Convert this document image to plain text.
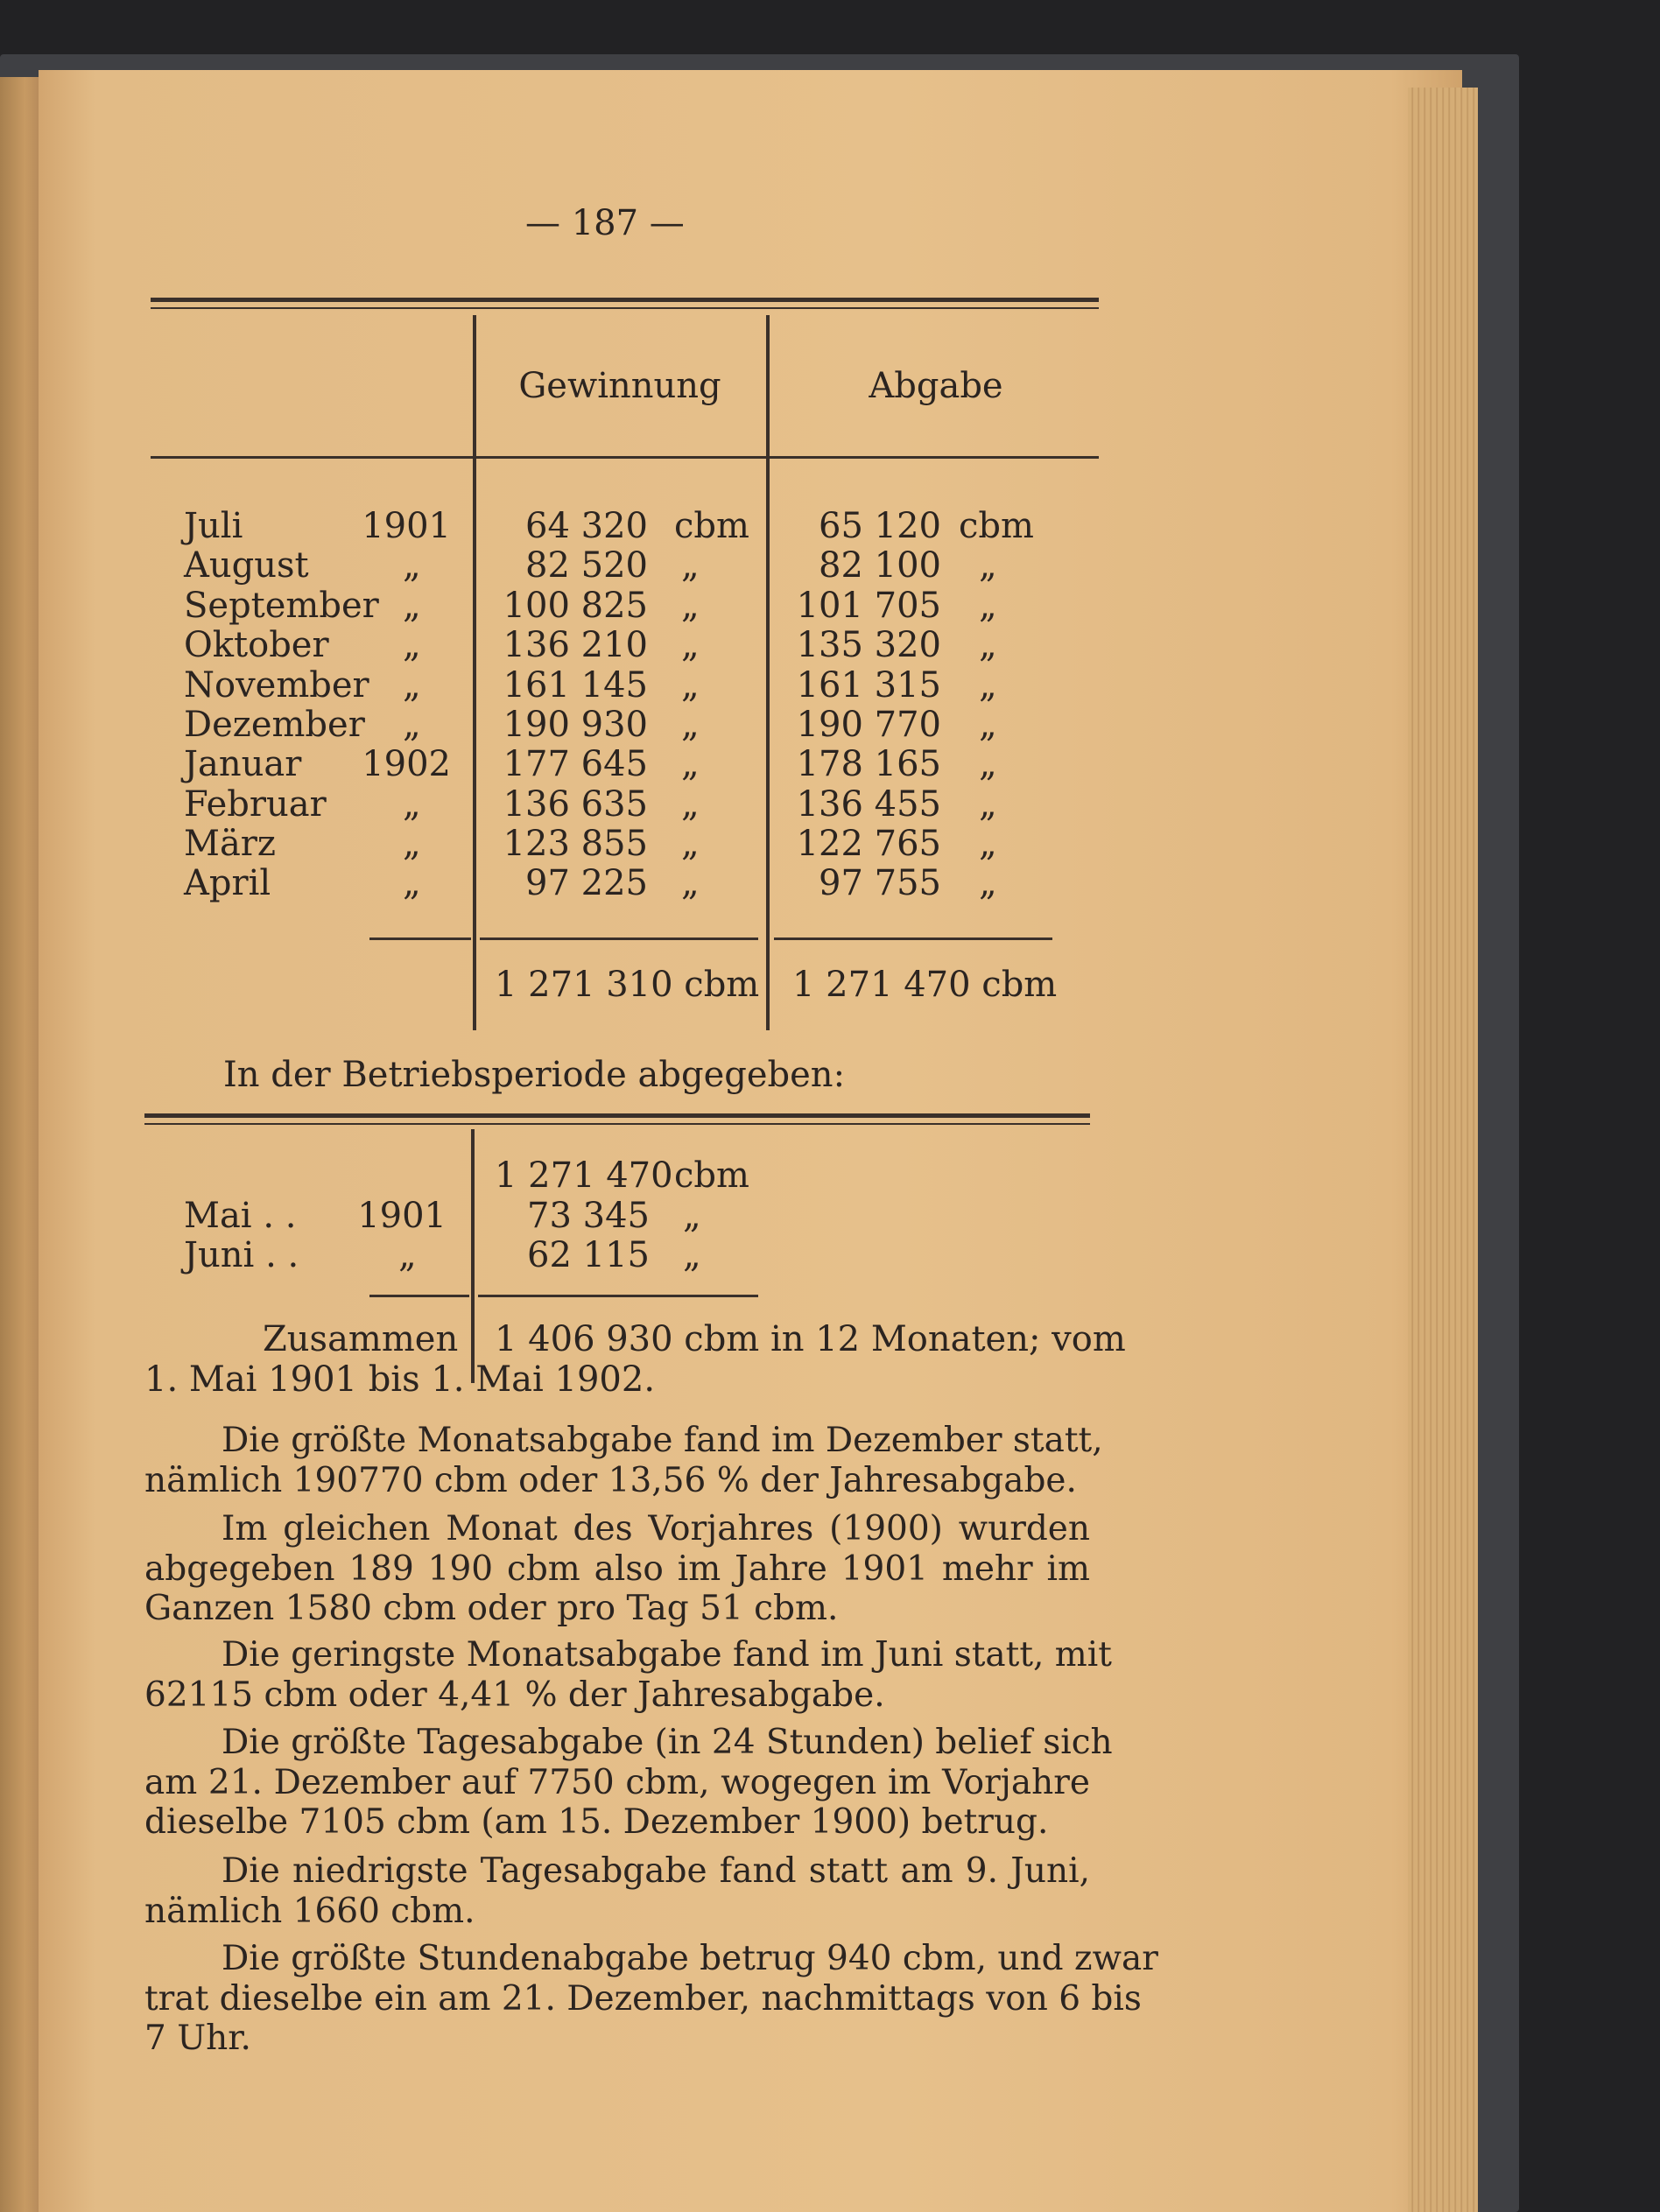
— 187 —
Gewinnung	Abgabe
Juli	1901	64 320 cbm	65 120 cbm
August	„	82 520 „	82 100 „
September „	100 825 „	101 705 „
Oktober „	136 210 „	135 320 „
November „	161 145 „	161 315 „
Dezember „	190 930 „	190 770 „
Januar 1902	177 645 „	178 165 „
Februar „	136 635 „	136 455 „
März	„	123 855 „	122 765 „
April	„	97 225 „	97 755 „
1 271 310 cbm 1 271 470 cbm
In der Betriebsperiode abgegeben:
1 271 470 cbm
Mai . . 1901	73 345 „
Juni . .	„	62 115 „
Zusammen 1 406 930 cbm in 12 Monaten; vom
1. Mai 1901 bis 1. Mai 1902.
Die größte Monatsabgabe fand im Dezember statt,
nämlich 190770 cbm oder 13,56 % der Jahresabgabe.
Im gleichen Monat des Vorjahres (1900) wurden
abgegeben 189 190 cbm also im Jahre 1901 mehr im
Ganzen 1580 cbm oder pro Tag 51 cbm.
Die geringste Monatsabgabe fand im Juni statt, mit
62115 cbm oder 4,41 % der Jahresabgabe.
Die größte Tagesabgabe (in 24 Stunden) belief sich
am 21. Dezember auf 7750 cbm, wogegen im Vorjahre
dieselbe 7105 cbm (am 15. Dezember 1900) betrug.
Die niedrigste Tagesabgabe fand statt am 9. Juni,
nämlich 1660 cbm.
Die größte Stundenabgabe betrug 940 cbm, und zwar
trat dieselbe ein am 21. Dezember, nachmittags von 6 bis
7 Uhr.
